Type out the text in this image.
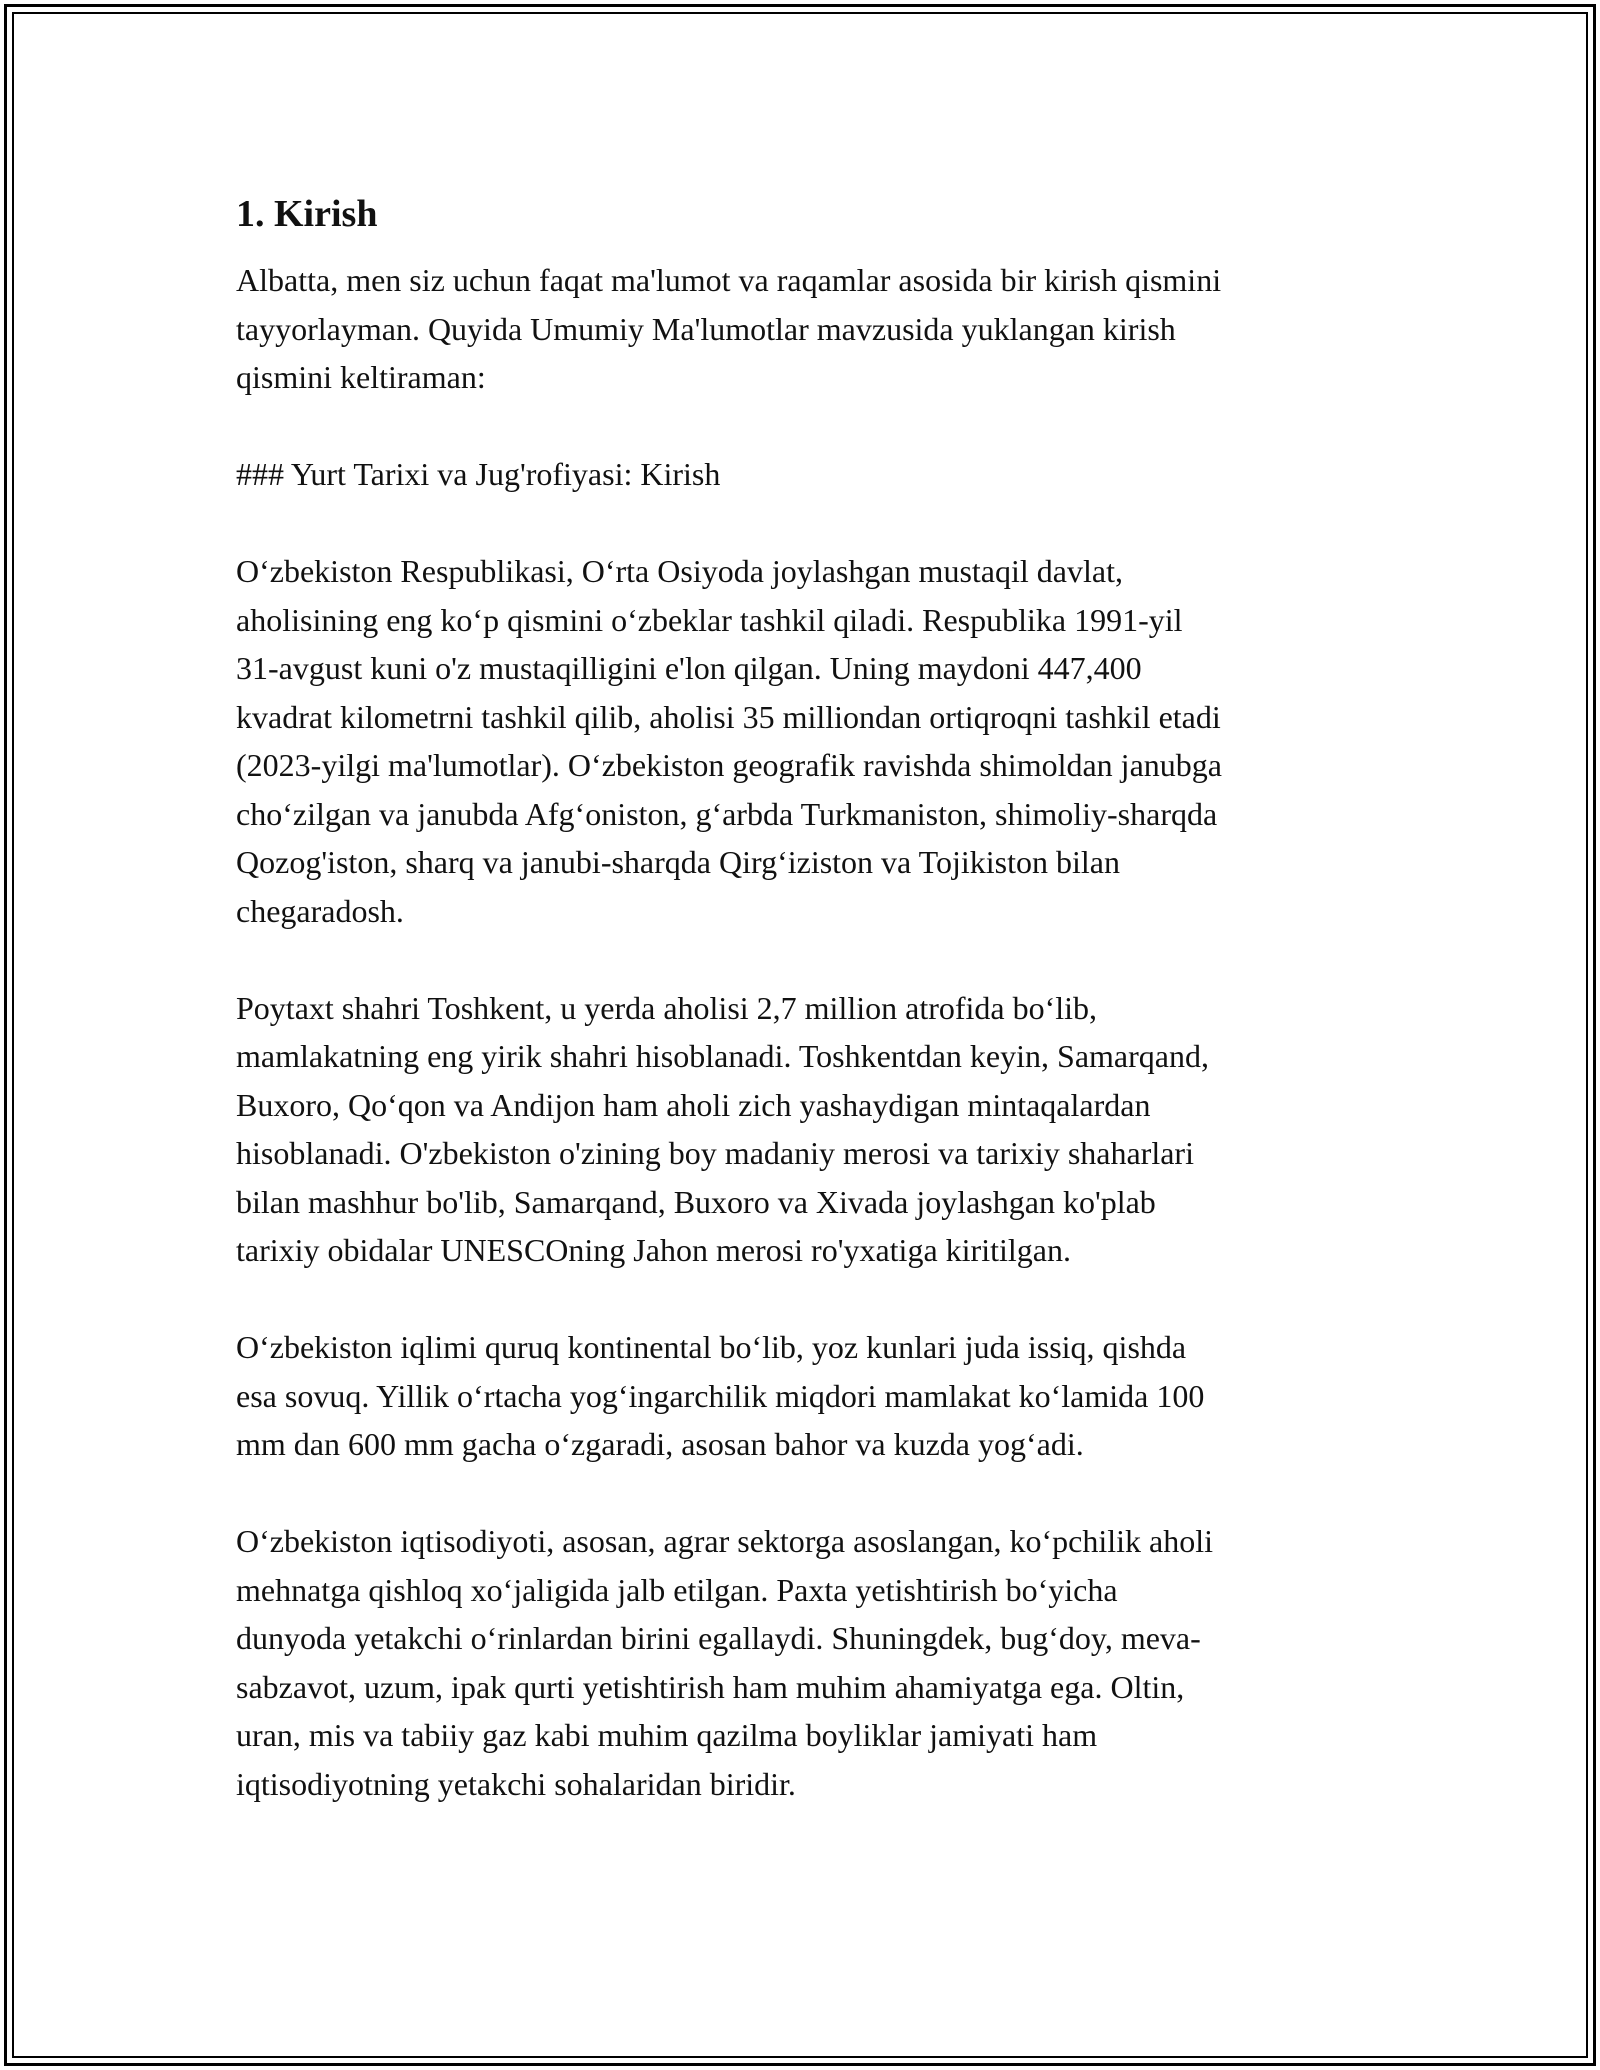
1. Kirish

Albatta, men siz uchun faqat ma'lumot va raqamlar asosida bir kirish qismini
tayyorlayman. Quyida Umumiy Ma'lumotlar mavzusida yuklangan kirish
qismini keltiraman:

### Yurt Tarixi va Jug'rofiyasi: Kirish

O‘zbekiston Respublikasi, O‘rta Osiyoda joylashgan mustaqil davlat,
aholisining eng ko‘p qismini o‘zbeklar tashkil qiladi. Respublika 1991-yil
31-avgust kuni o'z mustaqilligini e'lon qilgan. Uning maydoni 447,400
kvadrat kilometrni tashkil qilib, aholisi 35 milliondan ortiqroqni tashkil etadi
(2023-yilgi ma'lumotlar). O‘zbekiston geografik ravishda shimoldan janubga
cho‘zilgan va janubda Afg‘oniston, g‘arbda Turkmaniston, shimoliy-sharqda
Qozog'iston, sharq va janubi-sharqda Qirg‘iziston va Tojikiston bilan
chegaradosh.

Poytaxt shahri Toshkent, u yerda aholisi 2,7 million atrofida bo‘lib,
mamlakatning eng yirik shahri hisoblanadi. Toshkentdan keyin, Samarqand,
Buxoro, Qo‘qon va Andijon ham aholi zich yashaydigan mintaqalardan
hisoblanadi. O'zbekiston o'zining boy madaniy merosi va tarixiy shaharlari
bilan mashhur bo'lib, Samarqand, Buxoro va Xivada joylashgan ko'plab
tarixiy obidalar UNESCOning Jahon merosi ro'yxatiga kiritilgan.

O‘zbekiston iqlimi quruq kontinental bo‘lib, yoz kunlari juda issiq, qishda
esa sovuq. Yillik o‘rtacha yog‘ingarchilik miqdori mamlakat ko‘lamida 100
mm dan 600 mm gacha o‘zgaradi, asosan bahor va kuzda yog‘adi.

O‘zbekiston iqtisodiyoti, asosan, agrar sektorga asoslangan, ko‘pchilik aholi
mehnatga qishloq xo‘jaligida jalb etilgan. Paxta yetishtirish bo‘yicha
dunyoda yetakchi o‘rinlardan birini egallaydi. Shuningdek, bug‘doy, meva-
sabzavot, uzum, ipak qurti yetishtirish ham muhim ahamiyatga ega. Oltin,
uran, mis va tabiiy gaz kabi muhim qazilma boyliklar jamiyati ham
iqtisodiyotning yetakchi sohalaridan biridir.
